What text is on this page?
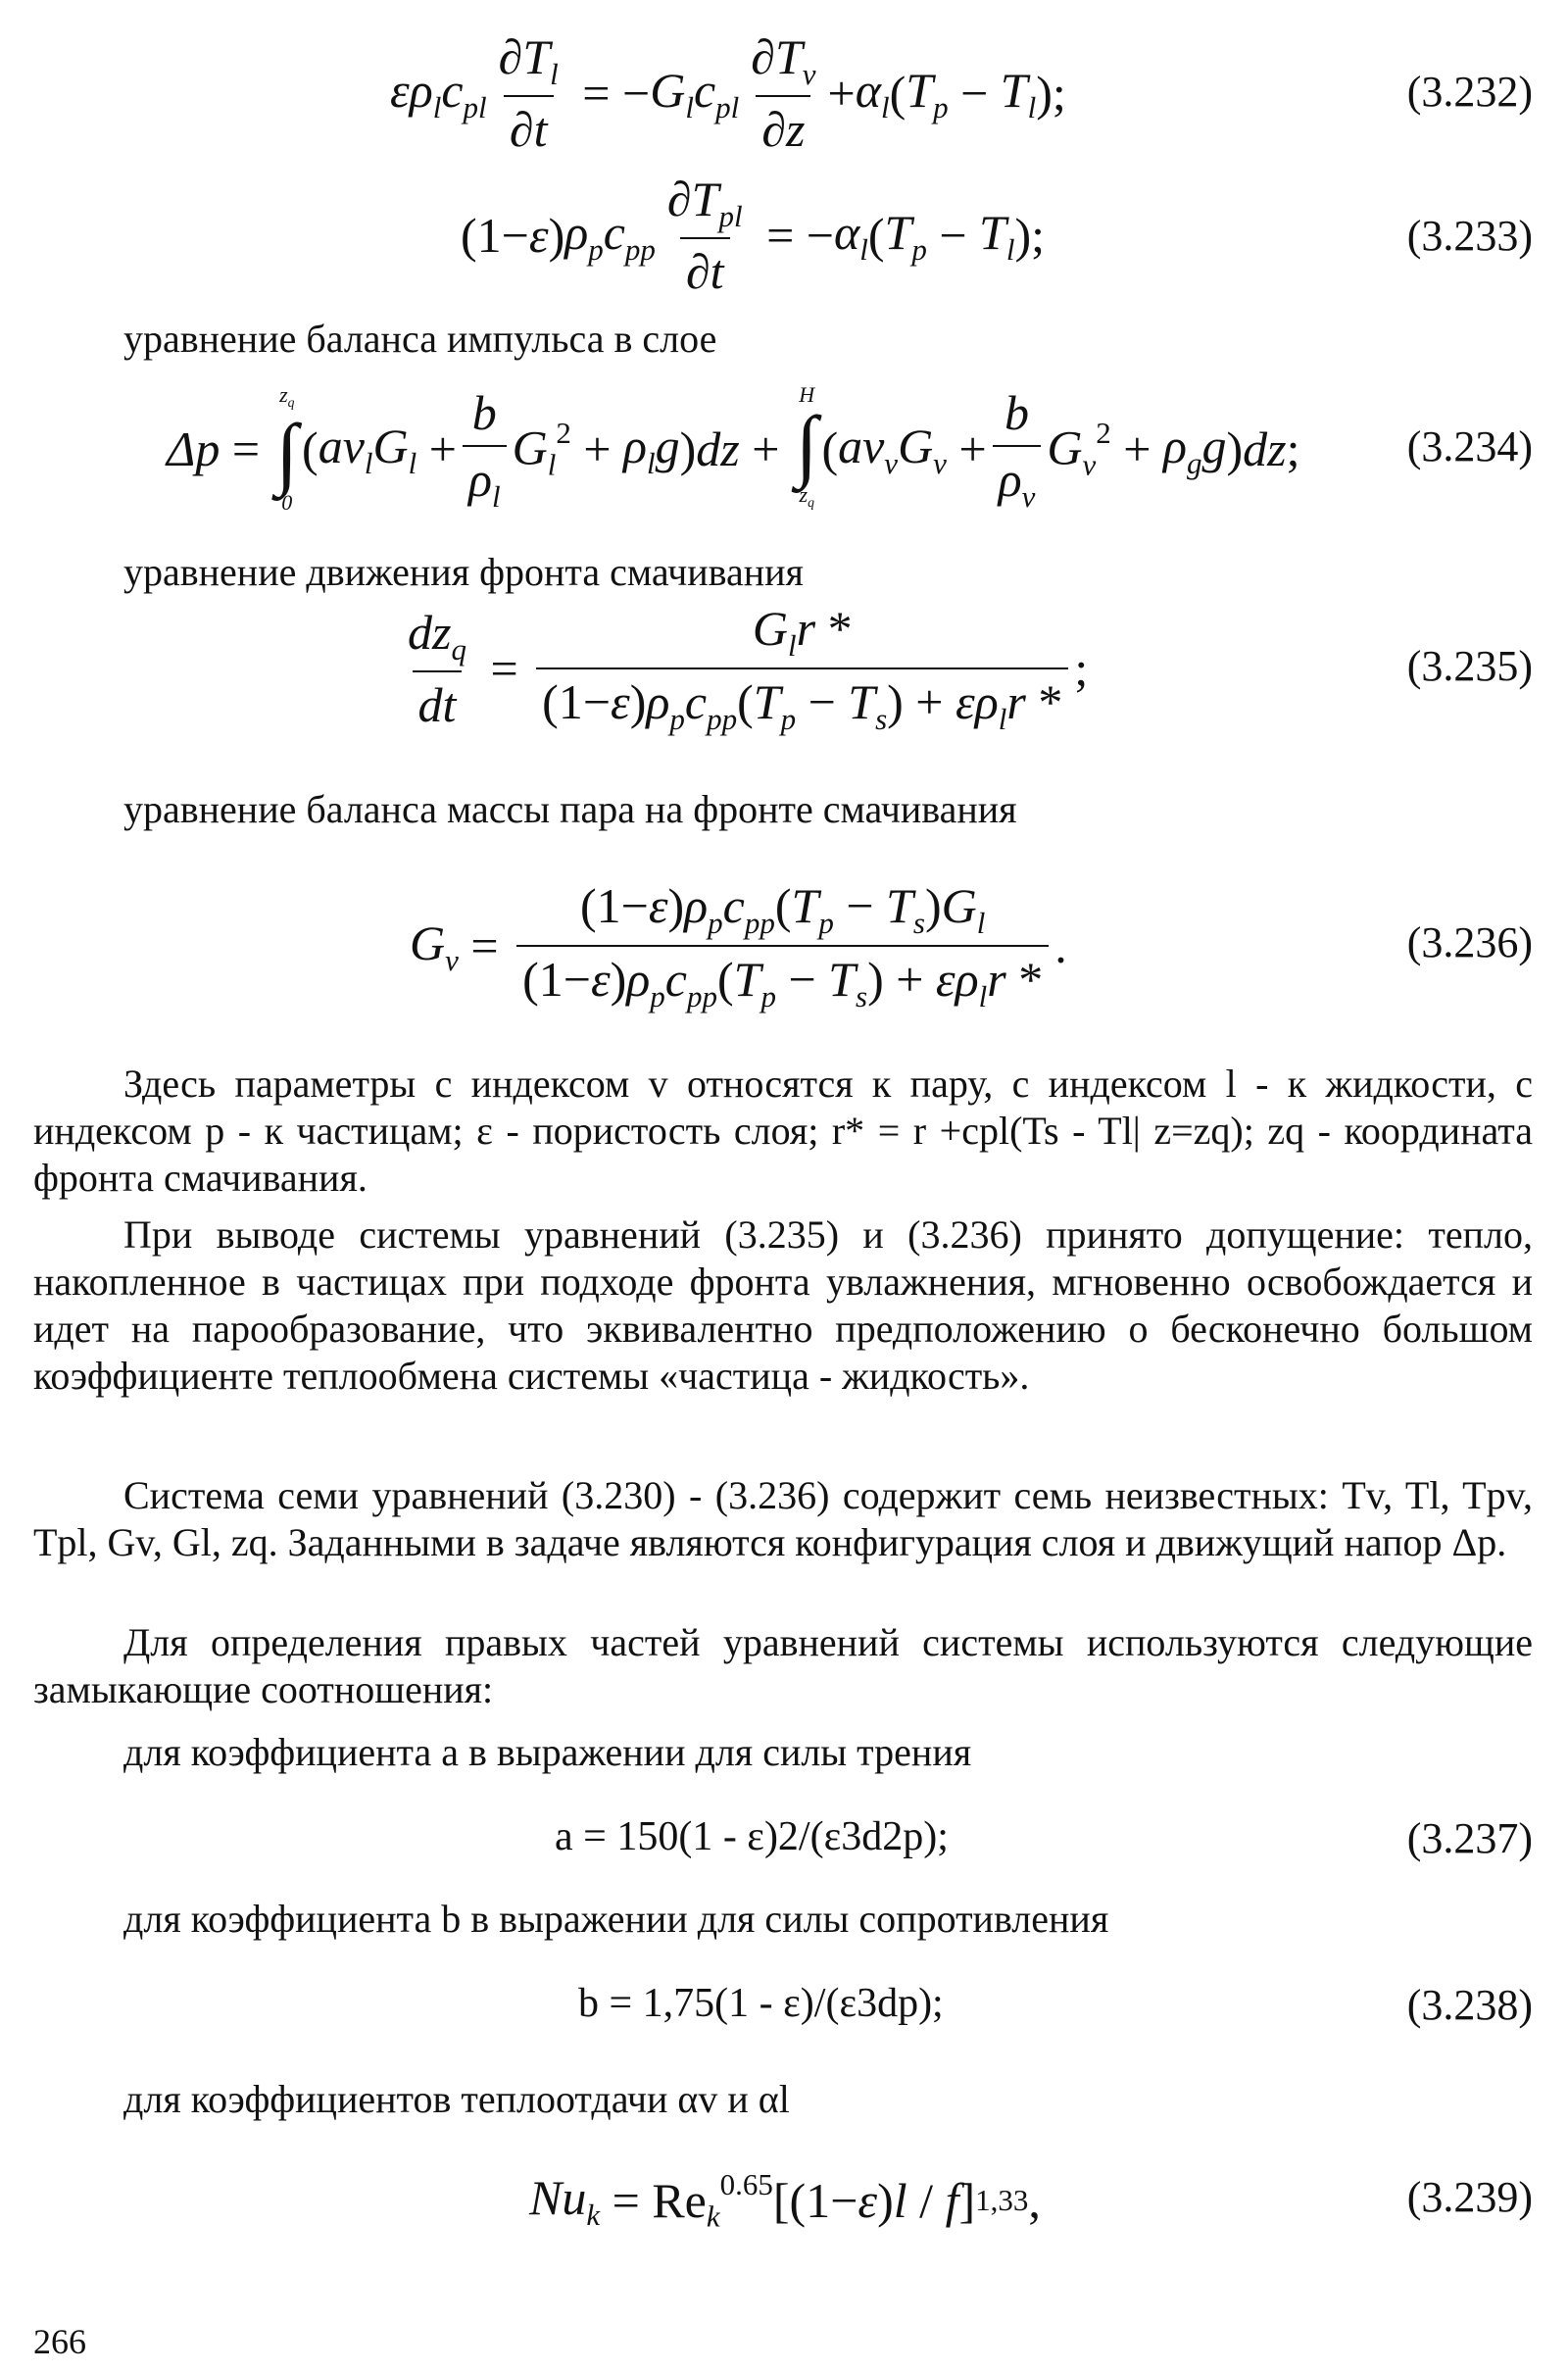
$\varepsilon\rho_lc_{pl} \frac{\partial T_l}{\partial t}$ = − $G_lc_{pl} \frac{\partial T_v}{\partial z} + \alpha_l$ ( $T_p - T_l$ );	(3.232)
(1− ε ) $\rho_pc_{pp} \frac{\partial T_{pl}}{\partial t}$ = − $\alpha_l$ ( $T_p - T_l$ );	(3.233)
уравнение баланса импульса в слое
Δp =
$z_q$
∫
0
( $av_lG_l + \frac{b}{\rho_l} G_l^2 + \rho_lg$ ) dz +
H
∫
$z_q$
( $av_vG_v + \frac{b}{\rho_v} G_v^2 + \rho_gg$ ) dz ; (3.234)
уравнение движения фронта смачивания
$\frac{dz_q}{dt} = \frac{G_lr *}{(1-\varepsilon)\rho_pc_{pp}(T_p - T_s) + \varepsilon\rho_lr *}$ ;	(3.235)
уравнение баланса массы пара на фронте смачивания
$G_v = \frac{(1-\varepsilon)\rho_pc_{pp}(T_p - T_s)G_l}{(1-\varepsilon)\rho_pc_{pp}(T_p - T_s) + \varepsilon\rho_lr *}$ .	(3.236)

Здесь параметры с индексом v относятся к пару, с индексом l - к жидкости, с индексом p - к частицам; ε - пористость слоя; r* = r +cpl(Ts - Tl| z=zq); zq - координата фронта смачивания.

При выводе системы уравнений (3.235) и (3.236) принято допущение: тепло, накопленное в частицах при подходе фронта увлажнения, мгновенно освобождается и идет на парообразование, что эквивалентно предположению о бесконечно большом коэффициенте теплообмена системы «частица - жидкость».

Система семи уравнений (3.230) - (3.236) содержит семь неизвестных: Tv, Tl, Tpv, Tpl, Gv, Gl, zq. Заданными в задаче являются конфигурация слоя и движущий напор Δp.

Для определения правых частей уравнений системы используются следующие замыкающие соотношения:

для коэффициента a в выражении для силы трения
a = 150(1 - ε)2/(ε3d2p);	(3.237)
для коэффициента b в выражении для силы сопротивления
b = 1,75(1 - ε)/(ε3dp);	(3.238)
для коэффициентов теплоотдачи αv и αl
$Nu_k = Re$ $_k^{0.65}$ [(1− ε ) l / f ] 1,33 ,	(3.239)
266
